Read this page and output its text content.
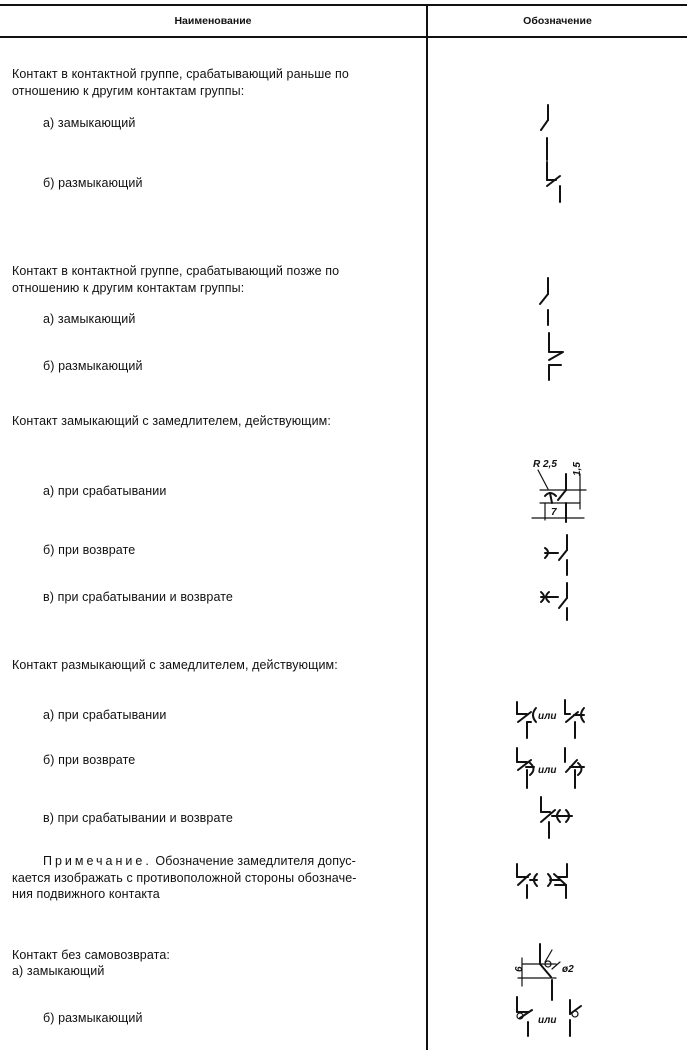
Наименование	Обозначение
Контакт в контактной группе, срабатывающий раньше по
отношению к другим контактам группы:
а) замыкающий
б) размыкающий
Контакт в контактной группе, срабатывающий позже по
отношению к другим контактам группы:
а) замыкающий
б) размыкающий
Контакт замыкающий с замедлителем, действующим:
а) при срабатывании
б) при возврате
в) при срабатывании и возврате
Контакт размыкающий с замедлителем, действующим:
а) при срабатывании
б) при возврате
в) при срабатывании и возврате
Примечание. Обозначение замедлителя допус-
кается изображать с противоположной стороны обозначе-
ния подвижного контакта
Контакт без самовозврата:
а) замыкающий
б) размыкающий
R 2,5 1,5
7
или
или
6	ø2
или
